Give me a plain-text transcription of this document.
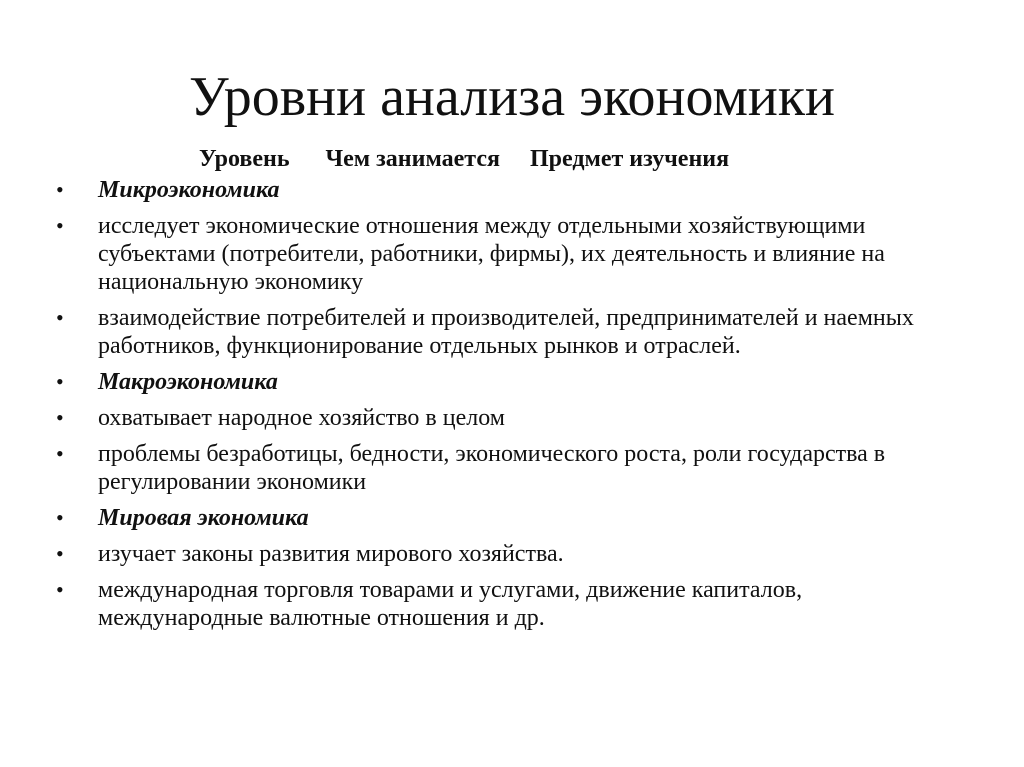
Уровни анализа экономики
Уровень Чем занимается Предмет изучения
•	Микроэкономика
•	исследует экономические отношения между отдельными хозяйствующими субъектами (потребители, работники, фирмы), их деятельность и влияние на национальную экономику
•	взаимодействие потребителей и производителей, предпринимателей и наемных работников, функционирование отдельных рынков и отраслей.
•	Макроэкономика
•	охватывает народное хозяйство в целом
•	проблемы безработицы, бедности, экономического роста, роли государства в регулировании экономики
•	Мировая экономика
•	изучает законы развития мирового хозяйства.
•	международная торговля товарами и услугами, движение капиталов, международные валютные отношения и др.
